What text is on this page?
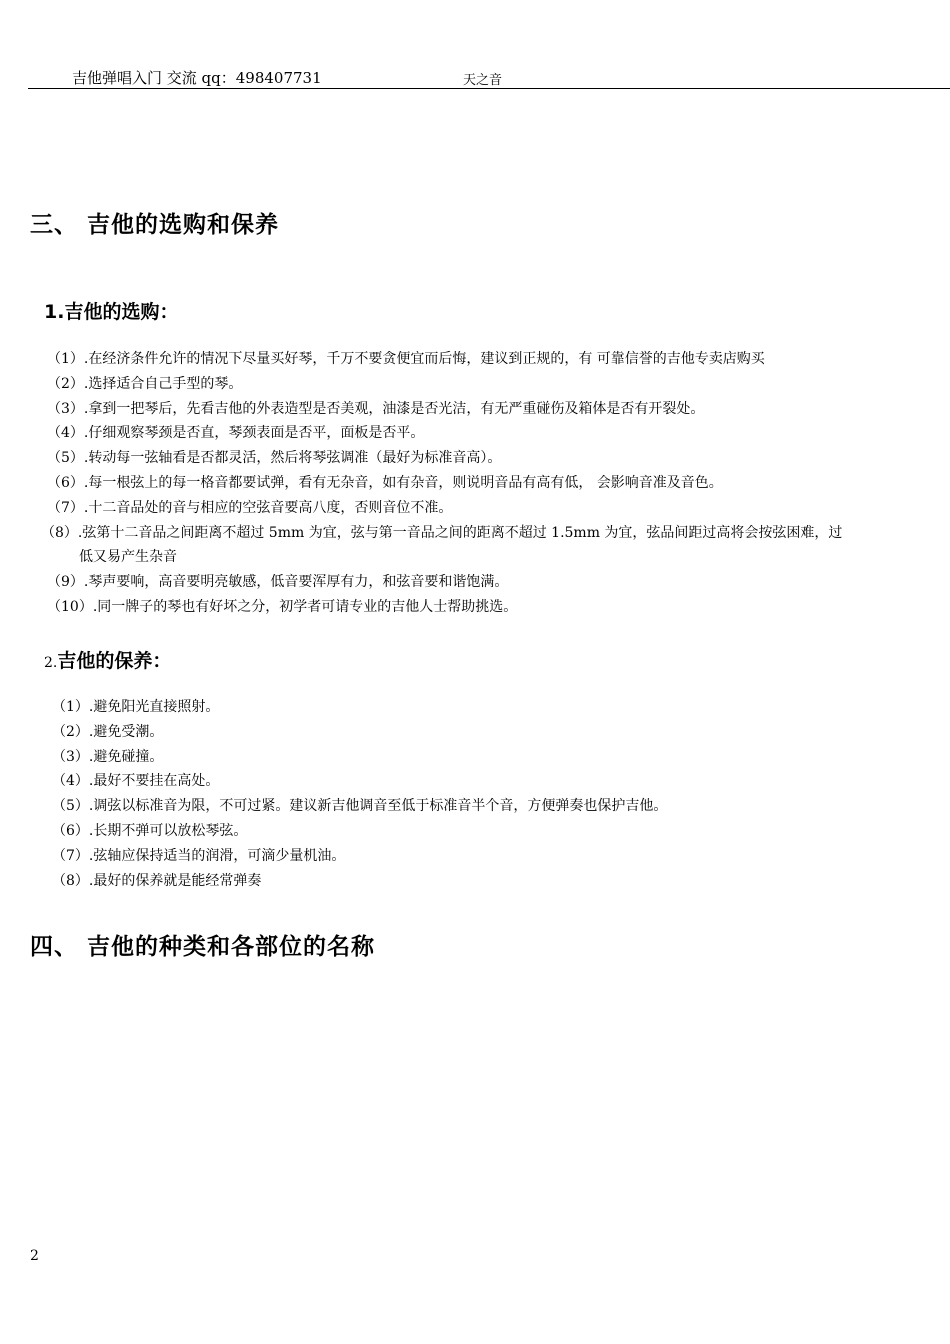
吉他弹唱入门 交流 qq：498407731	天之音
三、 吉他的选购和保养
1.吉他的选购：
（1）.在经济条件允许的情况下尽量买好琴，千万不要贪便宜而后悔，建议到正规的，有 可靠信誉的吉他专卖店购买
（2）.选择适合自己手型的琴。
（3）.拿到一把琴后，先看吉他的外表造型是否美观，油漆是否光洁，有无严重碰伤及箱体是否有开裂处。
（4）.仔细观察琴颈是否直，琴颈表面是否平，面板是否平。
（5）.转动每一弦轴看是否都灵活，然后将琴弦调准（最好为标准音高）。
（6）.每一根弦上的每一格音都要试弹，看有无杂音，如有杂音，则说明音品有高有低， 会影响音准及音色。
（7）.十二音品处的音与相应的空弦音要高八度，否则音位不准。
（8）.弦第十二音品之间距离不超过 5mm 为宜，弦与第一音品之间的距离不超过 1.5mm 为宜，弦品间距过高将会按弦困难，过
低又易产生杂音
（9）.琴声要响，高音要明亮敏感，低音要浑厚有力，和弦音要和谐饱满。
（10）.同一牌子的琴也有好坏之分，初学者可请专业的吉他人士帮助挑选。
2.吉他的保养：
（1）.避免阳光直接照射。
（2）.避免受潮。
（3）.避免碰撞。
（4）.最好不要挂在高处。
（5）.调弦以标准音为限，不可过紧。建议新吉他调音至低于标准音半个音，方便弹奏也保护吉他。
（6）.长期不弹可以放松琴弦。
（7）.弦轴应保持适当的润滑，可滴少量机油。
（8）.最好的保养就是能经常弹奏
四、 吉他的种类和各部位的名称
2
